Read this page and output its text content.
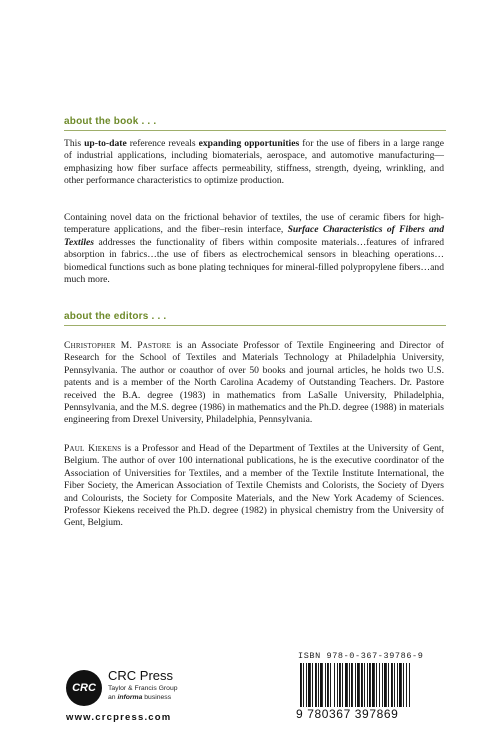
about the book . . .

This up-to-date reference reveals expanding opportunities for the use of fibers in a large range of industrial applications, including biomaterials, aerospace, and automotive manufacturing—emphasizing how fiber surface affects permeability, stiffness, strength, dyeing, wrinkling, and other performance characteristics to optimize production.

Containing novel data on the frictional behavior of textiles, the use of ceramic fibers for high-temperature applications, and the fiber–resin interface, Surface Characteristics of Fibers and Textiles addresses the functionality of fibers within composite materials…features of infrared absorption in fabrics…the use of fibers as electrochemical sensors in bleaching operations…biomedical functions such as bone plating techniques for mineral-filled polypropylene fibers…and much more.

about the editors . . .

Christopher M. Pastore is an Associate Professor of Textile Engineering and Director of Research for the School of Textiles and Materials Technology at Philadelphia University, Pennsylvania. The author or coauthor of over 50 books and journal articles, he holds two U.S. patents and is a member of the North Carolina Academy of Outstanding Teachers. Dr. Pastore received the B.A. degree (1983) in mathematics from LaSalle University, Philadelphia, Pennsylvania, and the M.S. degree (1986) in mathematics and the Ph.D. degree (1988) in materials engineering from Drexel University, Philadelphia, Pennsylvania.

Paul Kiekens is a Professor and Head of the Department of Textiles at the University of Gent, Belgium. The author of over 100 international publications, he is the executive coordinator of the Association of Universities for Textiles, and a member of the Textile Institute International, the Fiber Society, the American Association of Textile Chemists and Colorists, the Society of Dyers and Colourists, the Society for Composite Materials, and the New York Academy of Sciences. Professor Kiekens received the Ph.D. degree (1982) in physical chemistry from the University of Gent, Belgium.

ISBN 978-0-367-39786-9
9 780367 397869
CRC
CRC Press
Taylor & Francis Group
an informa business
www.crcpress.com
